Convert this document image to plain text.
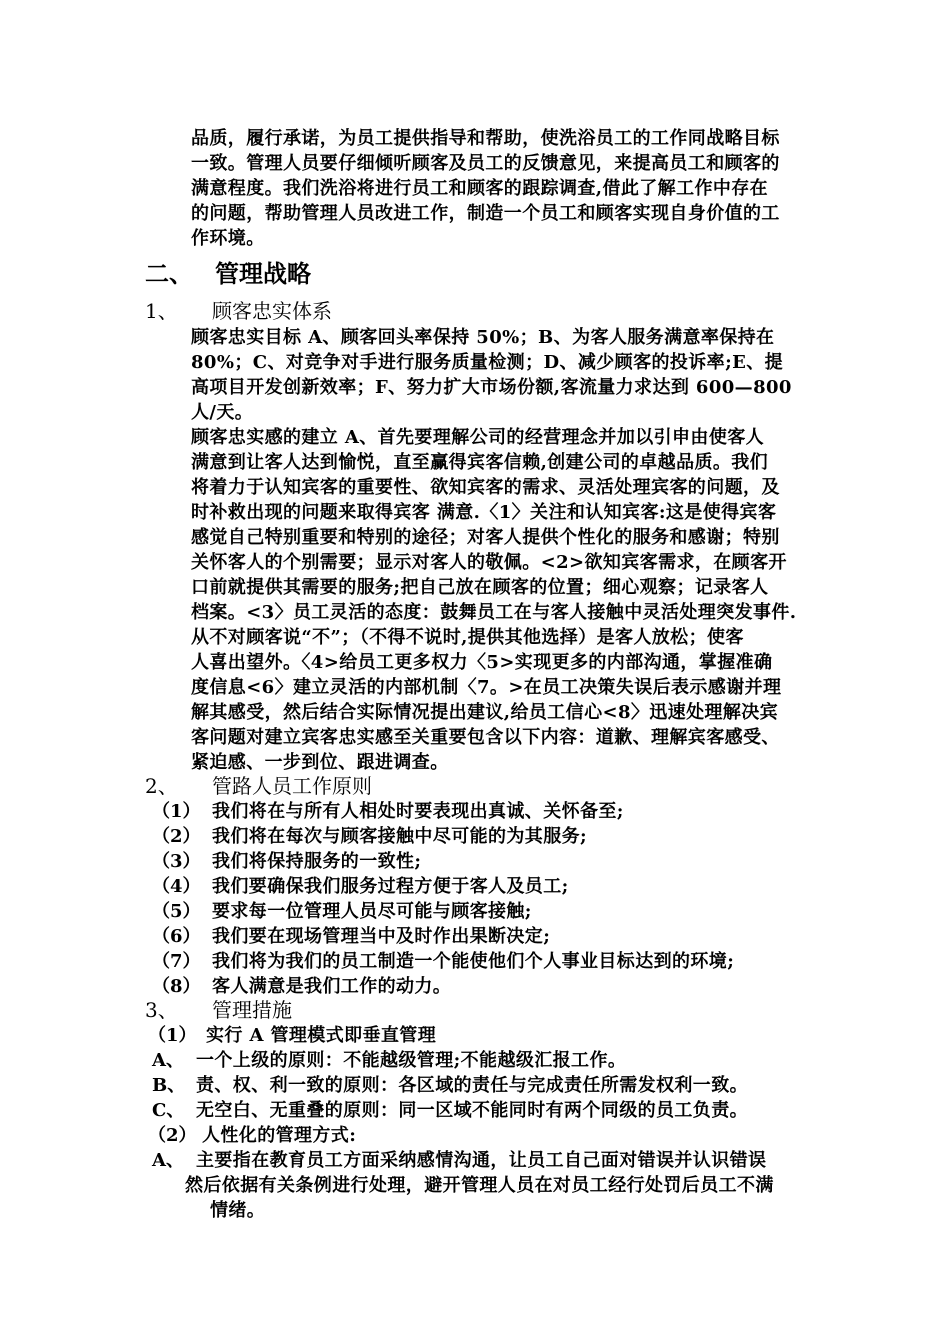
品质，履行承诺，为员工提供指导和帮助，使洗浴员工的工作同战略目标
一致。管理人员要仔细倾听顾客及员工的反馈意见，来提高员工和顾客的
满意程度。我们洗浴将进行员工和顾客的跟踪调查,借此了解工作中存在
的问题，帮助管理人员改进工作，制造一个员工和顾客实现自身价值的工
作环境。
二、 管理战略
1、 顾客忠实体系
顾客忠实目标 A、顾客回头率保持 50%；B、为客人服务满意率保持在
80%；C、对竞争对手进行服务质量检测；D、减少顾客的投诉率;E、提
高项目开发创新效率；F、努力扩大市场份额,客流量力求达到 600—800
人/天。
顾客忠实感的建立 A、首先要理解公司的经营理念并加以引申由使客人
满意到让客人达到愉悦，直至赢得宾客信赖,创建公司的卓越品质。我们
将着力于认知宾客的重要性、欲知宾客的需求、灵活处理宾客的问题，及
时补救出现的问题来取得宾客 满意.〈1〉关注和认知宾客:这是使得宾客
感觉自己特别重要和特别的途径；对客人提供个性化的服务和感谢；特别
关怀客人的个别需要；显示对客人的敬佩。<2>欲知宾客需求，在顾客开
口前就提供其需要的服务;把自己放在顾客的位置；细心观察；记录客人
档案。<3〉员工灵活的态度：鼓舞员工在与客人接触中灵活处理突发事件.
从不对顾客说“不”；（不得不说时,提供其他选择）是客人放松；使客
人喜出望外。〈4>给员工更多权力〈5>实现更多的内部沟通，掌握准确
度信息<6〉建立灵活的内部机制〈7。>在员工决策失误后表示感谢并理
解其感受，然后结合实际情况提出建议,给员工信心<8〉迅速处理解决宾
客问题对建立宾客忠实感至关重要包含以下内容：道歉、理解宾客感受、
紧迫感、一步到位、跟进调查。
2、 管路人员工作原则
（1） 我们将在与所有人相处时要表现出真诚、关怀备至;
（2） 我们将在每次与顾客接触中尽可能的为其服务;
（3） 我们将保持服务的一致性;
（4） 我们要确保我们服务过程方便于客人及员工;
（5） 要求每一位管理人员尽可能与顾客接触;
（6） 我们要在现场管理当中及时作出果断决定;
（7） 我们将为我们的员工制造一个能使他们个人事业目标达到的环境;
（8） 客人满意是我们工作的动力。
3、 管理措施
（1） 实行 A 管理模式即垂直管理
A、 一个上级的原则：不能越级管理;不能越级汇报工作。
B、 责、权、利一致的原则：各区域的责任与完成责任所需发权利一致。
C、 无空白、无重叠的原则：同一区域不能同时有两个同级的员工负责。
（2） 人性化的管理方式:
A、 主要指在教育员工方面采纳感情沟通，让员工自己面对错误并认识错误
然后依据有关条例进行处理，避开管理人员在对员工经行处罚后员工不满
情绪。
